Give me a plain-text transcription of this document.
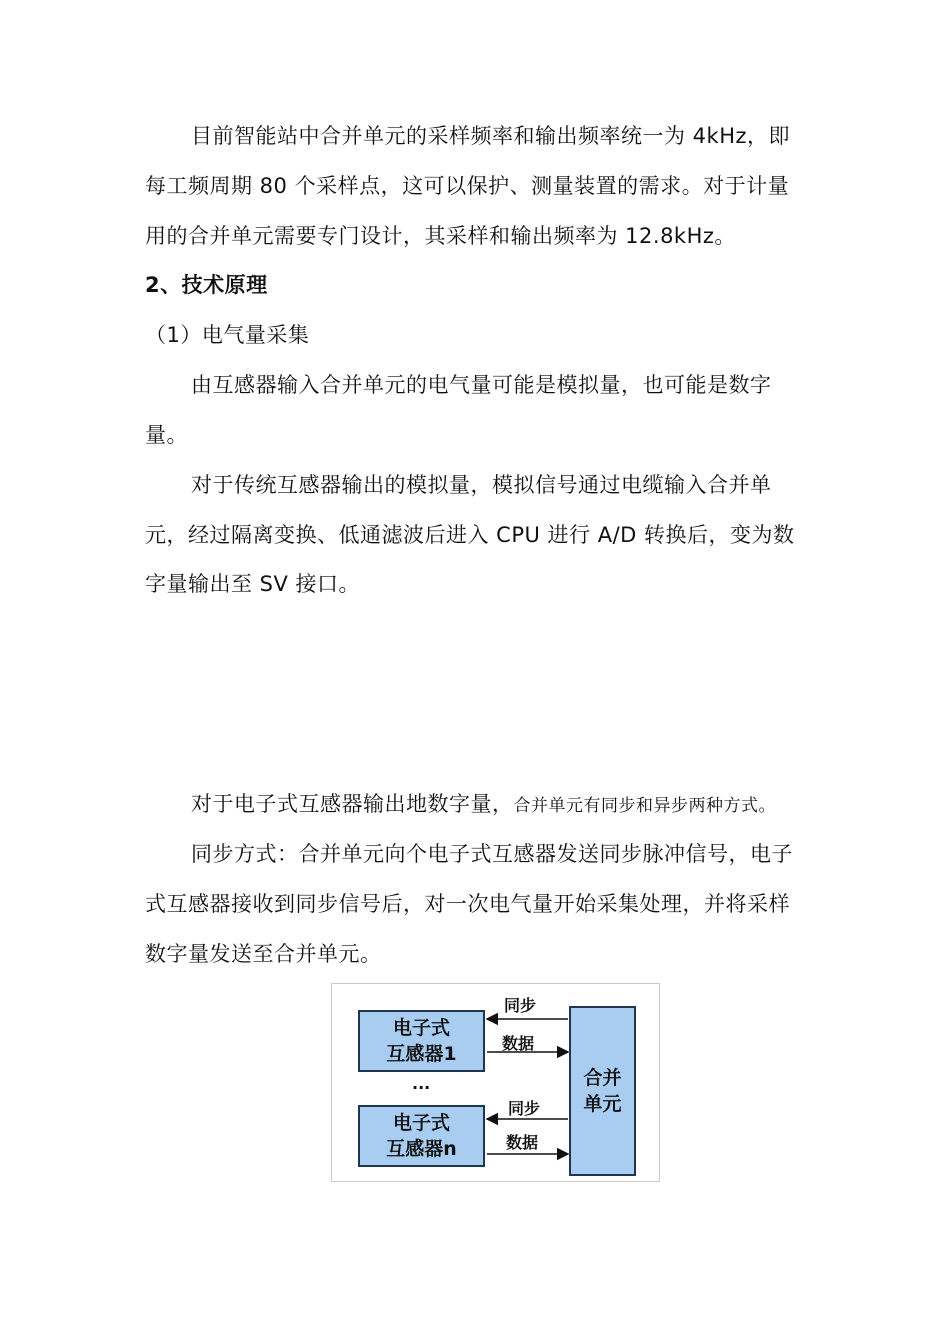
目前智能站中合并单元的采样频率和输出频率统一为 4kHz，即
每工频周期 80 个采样点，这可以保护、测量装置的需求。对于计量
用的合并单元需要专门设计，其采样和输出频率为 12.8kHz。
2、技术原理
（1）电气量采集
由互感器输入合并单元的电气量可能是模拟量，也可能是数字
量。
对于传统互感器输出的模拟量，模拟信号通过电缆输入合并单
元，经过隔离变换、低通滤波后进入 CPU 进行 A/D 转换后，变为数
字量输出至 SV 接口。
对于电子式互感器输出地数字量，合并单元有同步和异步两种方式。
同步方式：合并单元向个电子式互感器发送同步脉冲信号，电子
式互感器接收到同步信号后，对一次电气量开始采集处理，并将采样
数字量发送至合并单元。
电子式
互感器1
...
电子式
互感器n
合并
单元
同步
数据
同步
数据
